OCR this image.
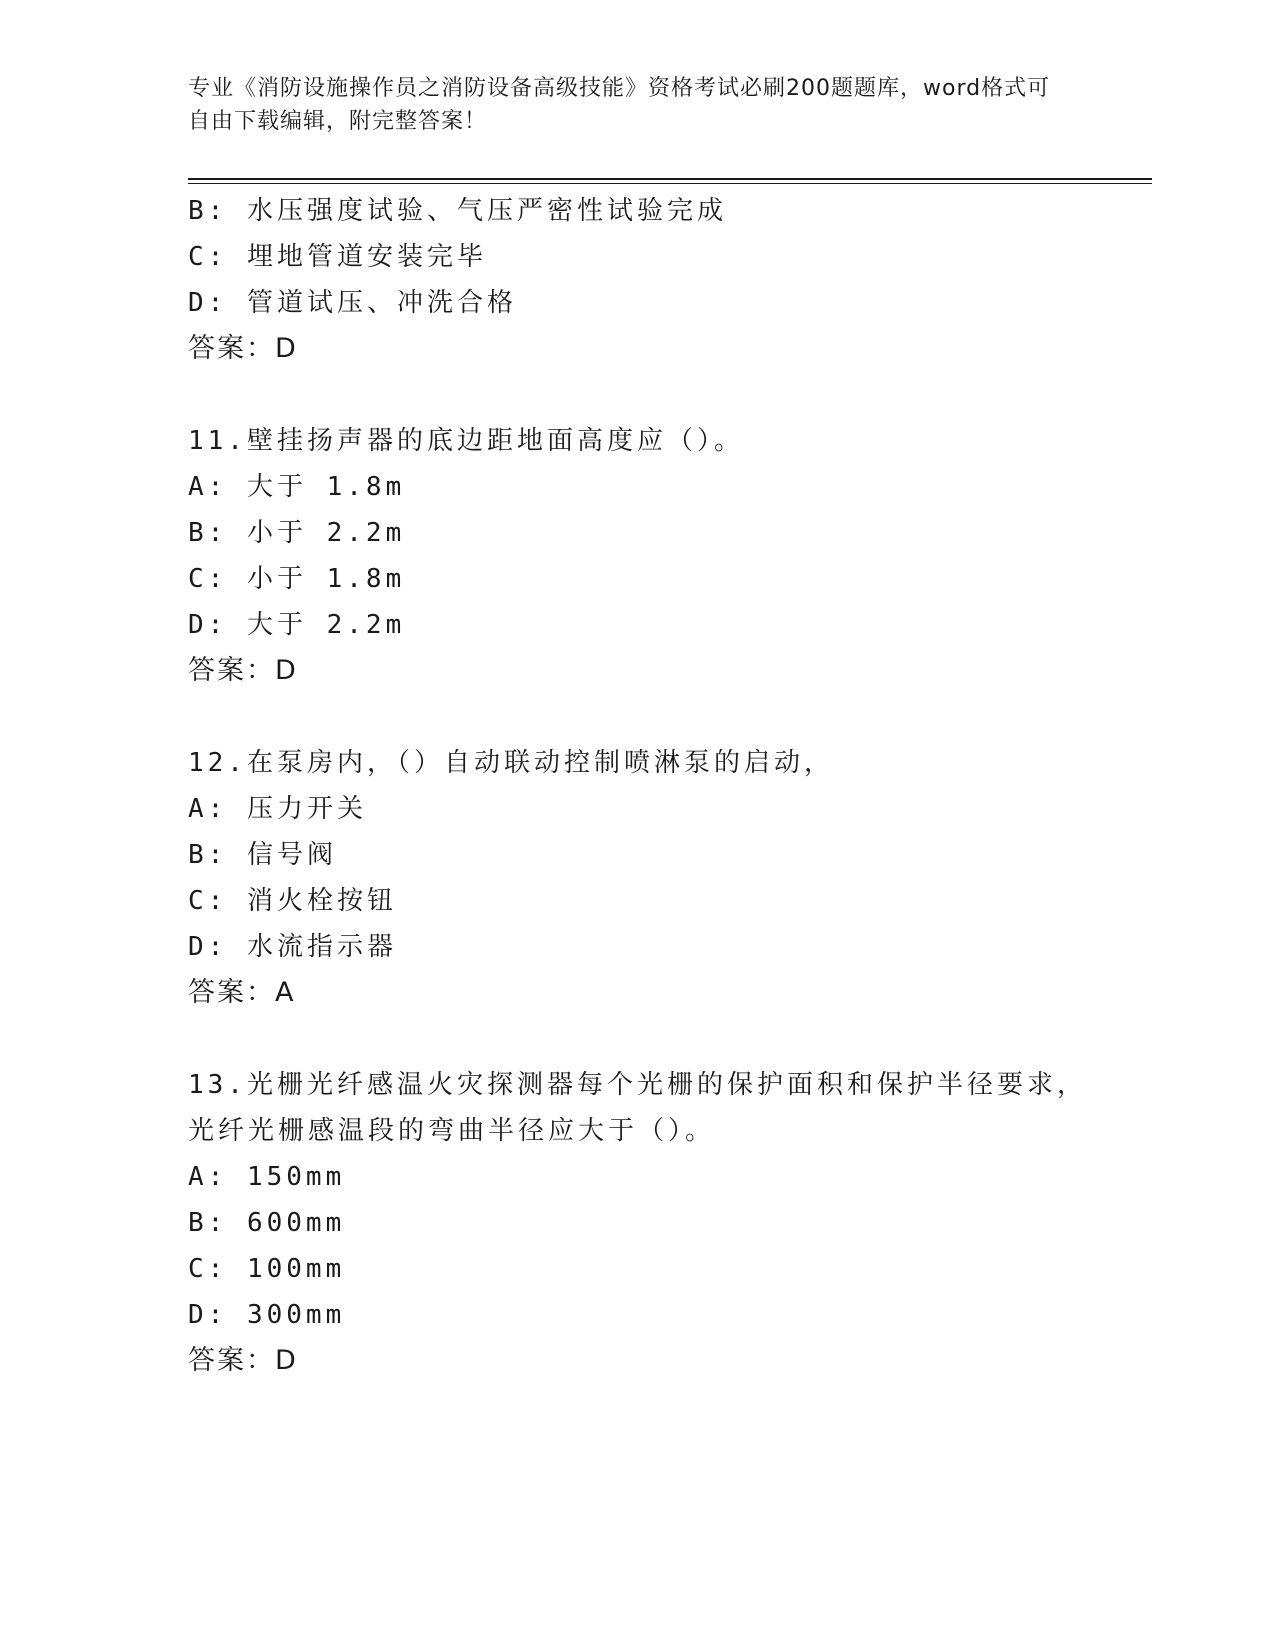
专业《消防设施操作员之消防设备高级技能》资格考试必刷200题题库，word格式可自由下载编辑，附完整答案！
B: 水压强度试验、气压严密性试验完成
C: 埋地管道安装完毕
D: 管道试压、冲洗合格
答案：D
11.壁挂扬声器的底边距地面高度应（）。
A: 大于 1.8m
B: 小于 2.2m
C: 小于 1.8m
D: 大于 2.2m
答案：D
12.在泵房内，（）自动联动控制喷淋泵的启动，
A: 压力开关
B: 信号阀
C: 消火栓按钮
D: 水流指示器
答案：A
13.光栅光纤感温火灾探测器每个光栅的保护面积和保护半径要求，光纤光栅感温段的弯曲半径应大于（）。
A: 150mm
B: 600mm
C: 100mm
D: 300mm
答案：D
